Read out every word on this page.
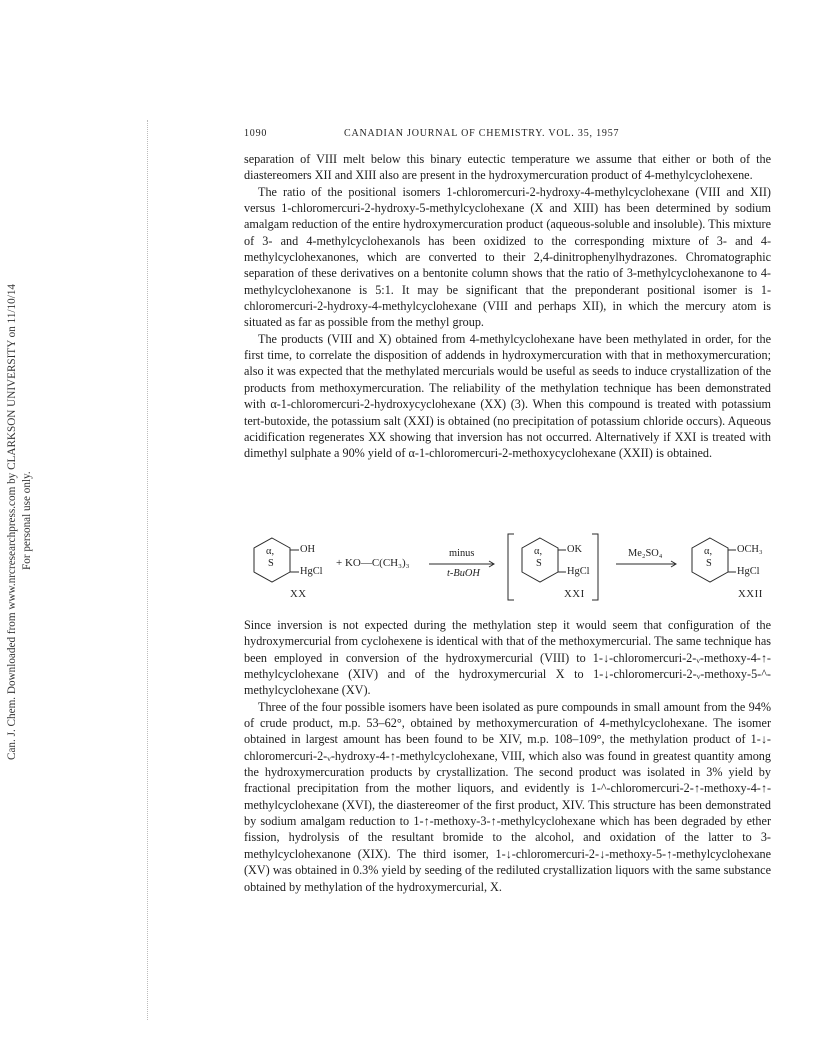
Can. J. Chem. Downloaded from www.nrcresearchpress.com by CLARKSON UNIVERSITY on 11/10/14 For personal use only.
1090	CANADIAN JOURNAL OF CHEMISTRY. VOL. 35, 1957

separation of VIII melt below this binary eutectic temperature we assume that either or both of the diastereomers XII and XIII also are present in the hydroxymercuration product of 4-methylcyclohexene.

The ratio of the positional isomers 1-chloromercuri-2-hydroxy-4-methylcyclohexane (VIII and XII) versus 1-chloromercuri-2-hydroxy-5-methylcyclohexane (X and XIII) has been determined by sodium amalgam reduction of the entire hydroxymercuration product (aqueous-soluble and insoluble). This mixture of 3- and 4-methylcyclohexanols has been oxidized to the corresponding mixture of 3- and 4-methylcyclohexanones, which are converted to their 2,4-dinitrophenylhydrazones. Chromatographic separation of these derivatives on a bentonite column shows that the ratio of 3-methylcyclohexanone to 4-methylcyclohexanone is 5:1. It may be significant that the preponderant positional isomer is 1-chloromercuri-2-hydroxy-4-methylcyclohexane (VIII and perhaps XII), in which the mercury atom is situated as far as possible from the methyl group.

The products (VIII and X) obtained from 4-methylcyclohexane have been methylated in order, for the first time, to correlate the disposition of addends in hydroxymercuration with that in methoxymercuration; also it was expected that the methylated mercurials would be useful as seeds to induce crystallization of the products from methoxymercuration. The reliability of the methylation technique has been demonstrated with α-1-chloromercuri-2-hydroxycyclohexane (XX) (3). When this compound is treated with potassium tert-butoxide, the potassium salt (XXI) is obtained (no precipitation of potassium chloride occurs). Aqueous acidification regenerates XX showing that inversion has not occurred. Alternatively if XXI is treated with dimethyl sulphate a 90% yield of α-1-chloromercuri-2-methoxycyclohexane (XXII) is obtained.

α,
S
OH
HgCl
XX
+ KO—C(CH₃)₃
minus
t-BuOH
α,
S
OK
HgCl
XXI
Me₂SO₄	α,
S
OCH₃
HgCl
XXII

Since inversion is not expected during the methylation step it would seem that configuration of the hydroxymercurial from cyclohexene is identical with that of the methoxymercurial. The same technique has been employed in conversion of the hydroxymercurial (VIII) to 1-↓-chloromercuri-2-ᵥ-methoxy-4-↑-methylcyclohexane (XIV) and of the hydroxymercurial X to 1-↓-chloromercuri-2-ᵥ-methoxy-5-^-methylcyclohexane (XV).

Three of the four possible isomers have been isolated as pure compounds in small amount from the 94% of crude product, m.p. 53–62°, obtained by methoxymercuration of 4-methylcyclohexane. The isomer obtained in largest amount has been found to be XIV, m.p. 108–109°, the methylation product of 1-↓-chloromercuri-2-ᵥ-hydroxy-4-↑-methylcyclohexane, VIII, which also was found in greatest quantity among the hydroxymercuration products by crystallization. The second product was isolated in 3% yield by fractional precipitation from the mother liquors, and evidently is 1-^-chloromercuri-2-↑-methoxy-4-↑-methylcyclohexane (XVI), the diastereomer of the first product, XIV. This structure has been demonstrated by sodium amalgam reduction to 1-↑-methoxy-3-↑-methylcyclohexane which has been degraded by ether fission, hydrolysis of the resultant bromide to the alcohol, and oxidation of the latter to 3-methylcyclohexanone (XIX). The third isomer, 1-↓-chloromercuri-2-↓-methoxy-5-↑-methylcyclohexane (XV) was obtained in 0.3% yield by seeding of the rediluted crystallization liquors with the same substance obtained by methylation of the hydroxymercurial, X.
